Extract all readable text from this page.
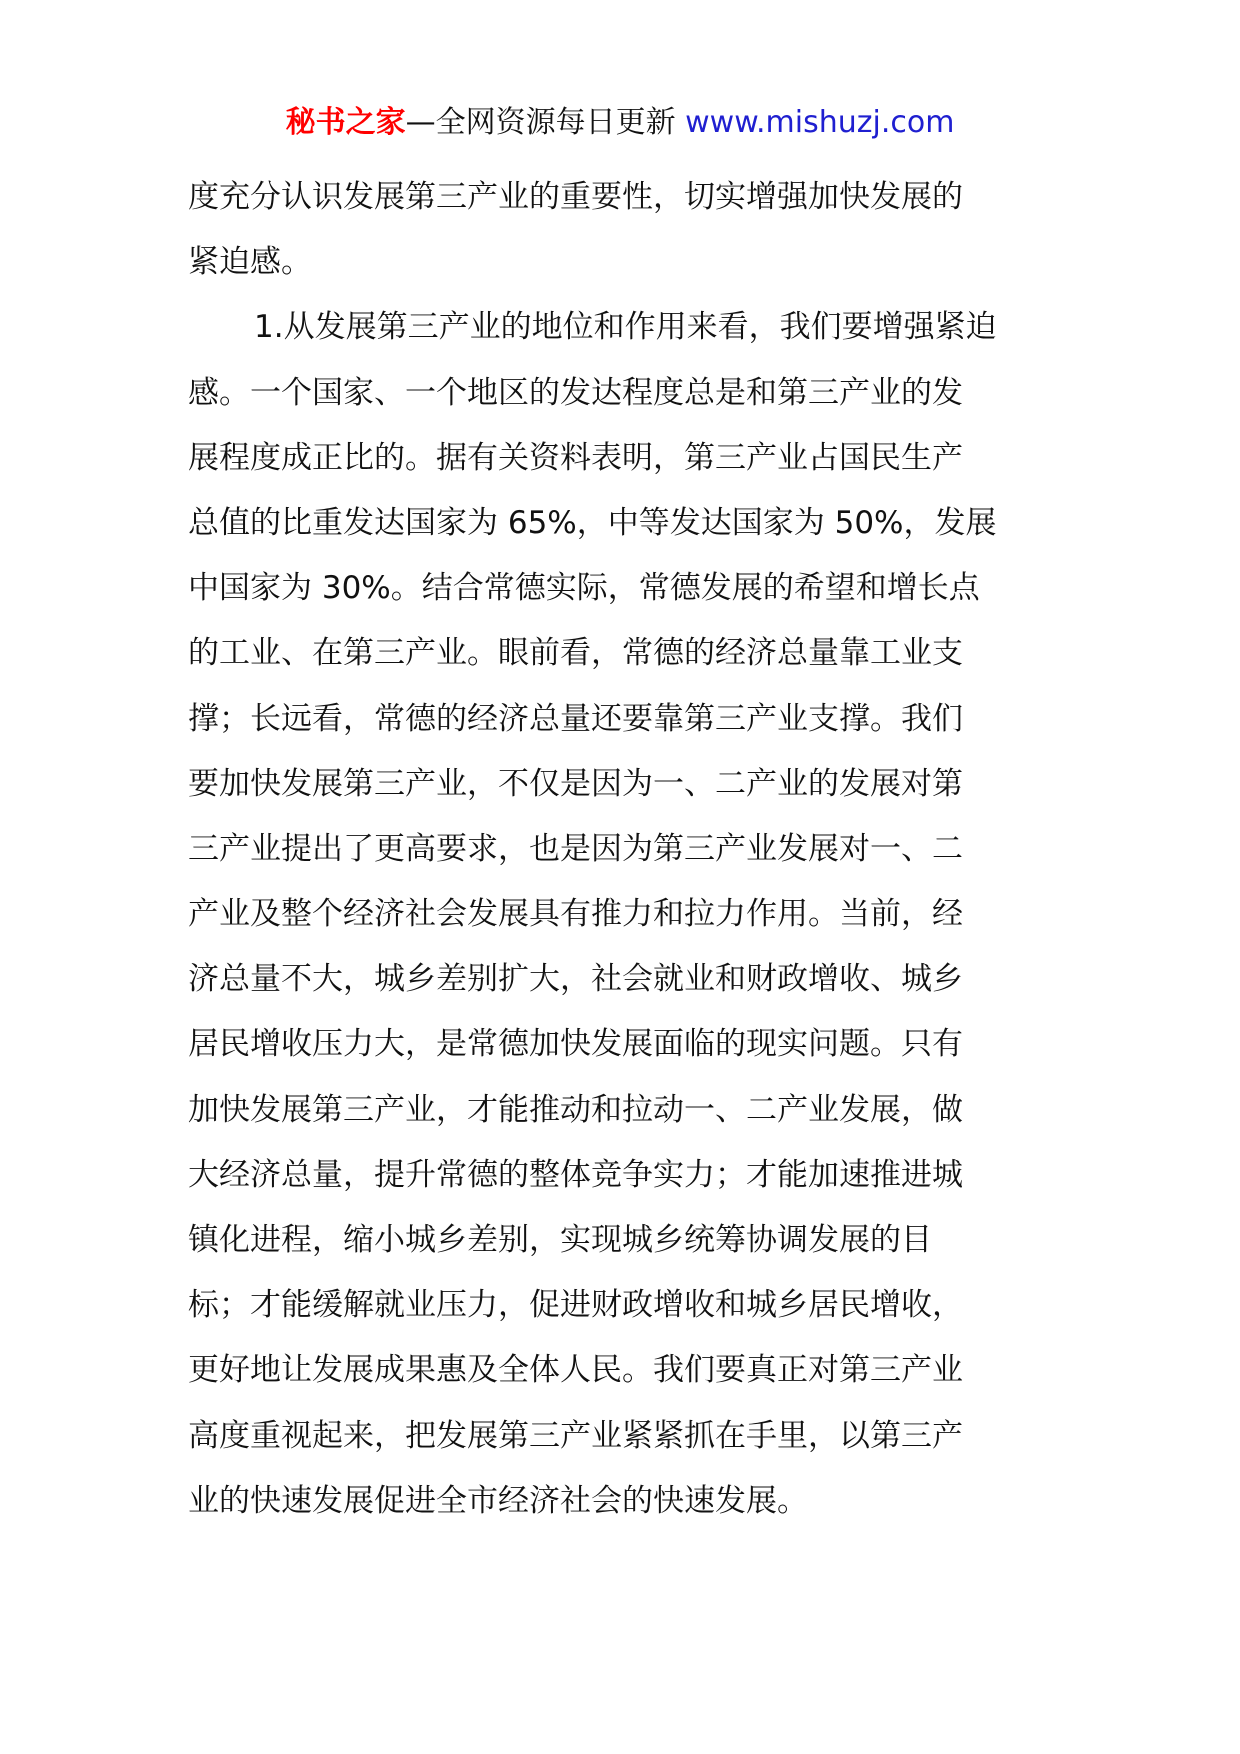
秘书之家—全网资源每日更新 www.mishuzj.com
度充分认识发展第三产业的重要性，切实增强加快发展的
紧迫感。
1.从发展第三产业的地位和作用来看，我们要增强紧迫
感。一个国家、一个地区的发达程度总是和第三产业的发
展程度成正比的。据有关资料表明，第三产业占国民生产
总值的比重发达国家为 65%，中等发达国家为 50%，发展
中国家为 30%。结合常德实际，常德发展的希望和增长点
的工业、在第三产业。眼前看，常德的经济总量靠工业支
撑；长远看，常德的经济总量还要靠第三产业支撑。我们
要加快发展第三产业，不仅是因为一、二产业的发展对第
三产业提出了更高要求，也是因为第三产业发展对一、二
产业及整个经济社会发展具有推力和拉力作用。当前，经
济总量不大，城乡差别扩大，社会就业和财政增收、城乡
居民增收压力大，是常德加快发展面临的现实问题。只有
加快发展第三产业，才能推动和拉动一、二产业发展，做
大经济总量，提升常德的整体竞争实力；才能加速推进城
镇化进程，缩小城乡差别，实现城乡统筹协调发展的目
标；才能缓解就业压力，促进财政增收和城乡居民增收，
更好地让发展成果惠及全体人民。我们要真正对第三产业
高度重视起来，把发展第三产业紧紧抓在手里，以第三产
业的快速发展促进全市经济社会的快速发展。
